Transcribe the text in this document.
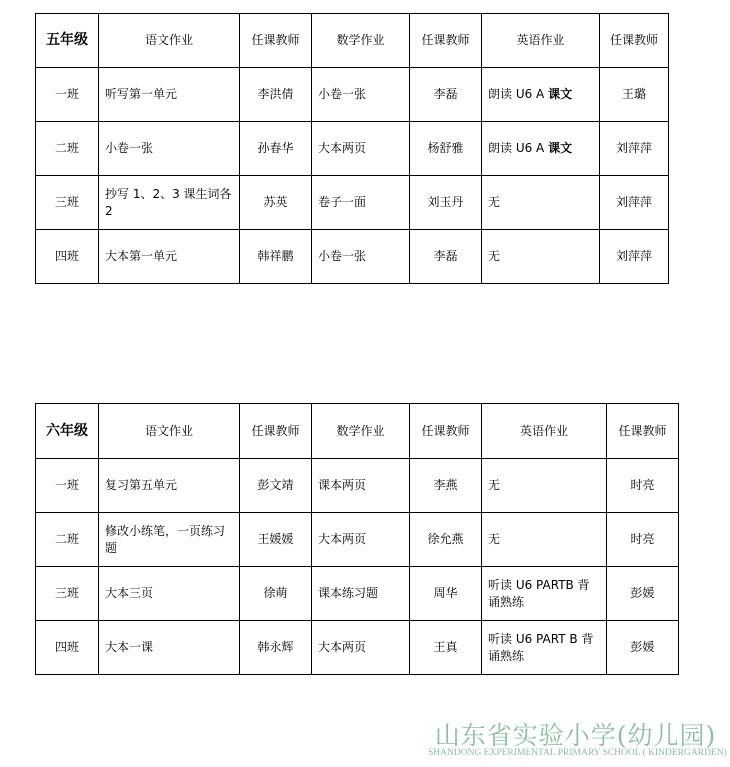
五年级	语文作业	任课教师	数学作业	任课教师	英语作业	任课教师
一班	听写第一单元	李洪倩	小卷一张	李磊	朗读 U6 A 课文	王璐
二班	小卷一张	孙春华	大本两页	杨舒雅	朗读 U6 A 课文	刘萍萍
三班	抄写 1、2、3 课生词各 2	苏英	卷子一面	刘玉丹	无	刘萍萍
四班	大本第一单元	韩祥鹏	小卷一张	李磊	无	刘萍萍
六年级	语文作业	任课教师	数学作业	任课教师	英语作业	任课教师
一班	复习第五单元	彭文靖	课本两页	李燕	无	时亮
二班	修改小练笔，一页练习题	王媛媛	大本两页	徐允燕	无	时亮
三班	大本三页	徐萌	课本练习题	周华	听读 U6 PARTB 背诵熟练	彭媛
四班	大本一课	韩永辉	大本两页	王真	听读 U6 PART B 背诵熟练	彭媛
山东省实验小学(幼儿园)
SHANDONG EXPERIMENTAL PRIMARY SCHOOL ( KINDERGARDEN)
